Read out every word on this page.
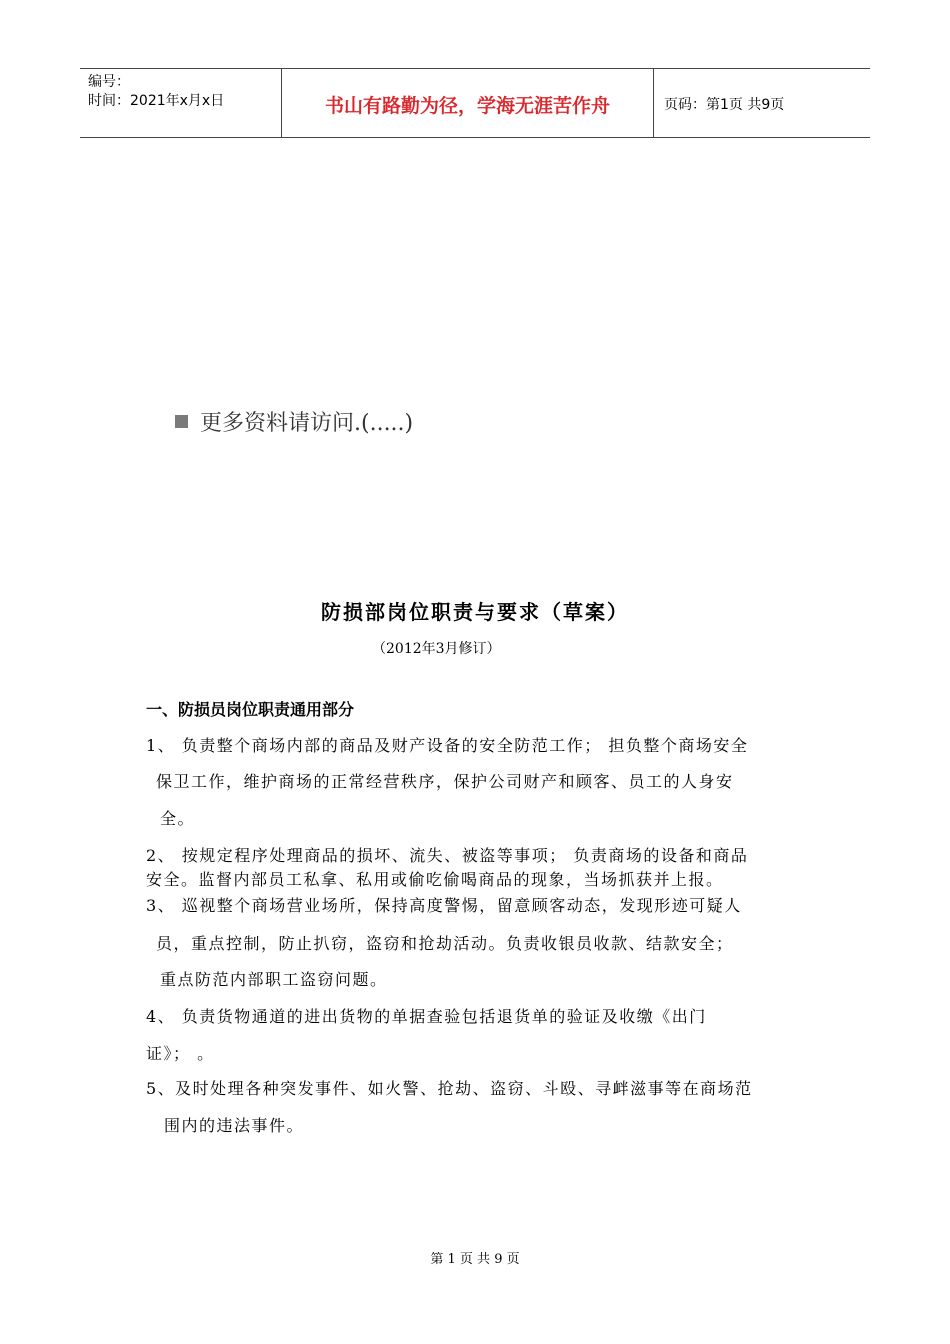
编号：
时间：2021年x月x日	书山有路勤为径，学海无涯苦作舟	页码：第1页 共9页
更多资料请访问.(.....)
防损部岗位职责与要求（草案）
（2012年3月修订）
一、防损员岗位职责通用部分
1、 负责整个商场内部的商品及财产设备的安全防范工作； 担负整个商场安全
保卫工作，维护商场的正常经营秩序，保护公司财产和顾客、员工的人身安
全。
2、 按规定程序处理商品的损坏、流失、被盗等事项； 负责商场的设备和商品
安全。监督内部员工私拿、私用或偷吃偷喝商品的现象，当场抓获并上报。
3、 巡视整个商场营业场所，保持高度警惕，留意顾客动态，发现形迹可疑人
员，重点控制，防止扒窃，盗窃和抢劫活动。负责收银员收款、结款安全；
重点防范内部职工盗窃问题。
4、 负责货物通道的进出货物的单据查验包括退货单的验证及收缴《出门
证》； 。
5、及时处理各种突发事件、如火警、抢劫、盗窃、斗殴、寻衅滋事等在商场范
围内的违法事件。
第 1 页 共 9 页
